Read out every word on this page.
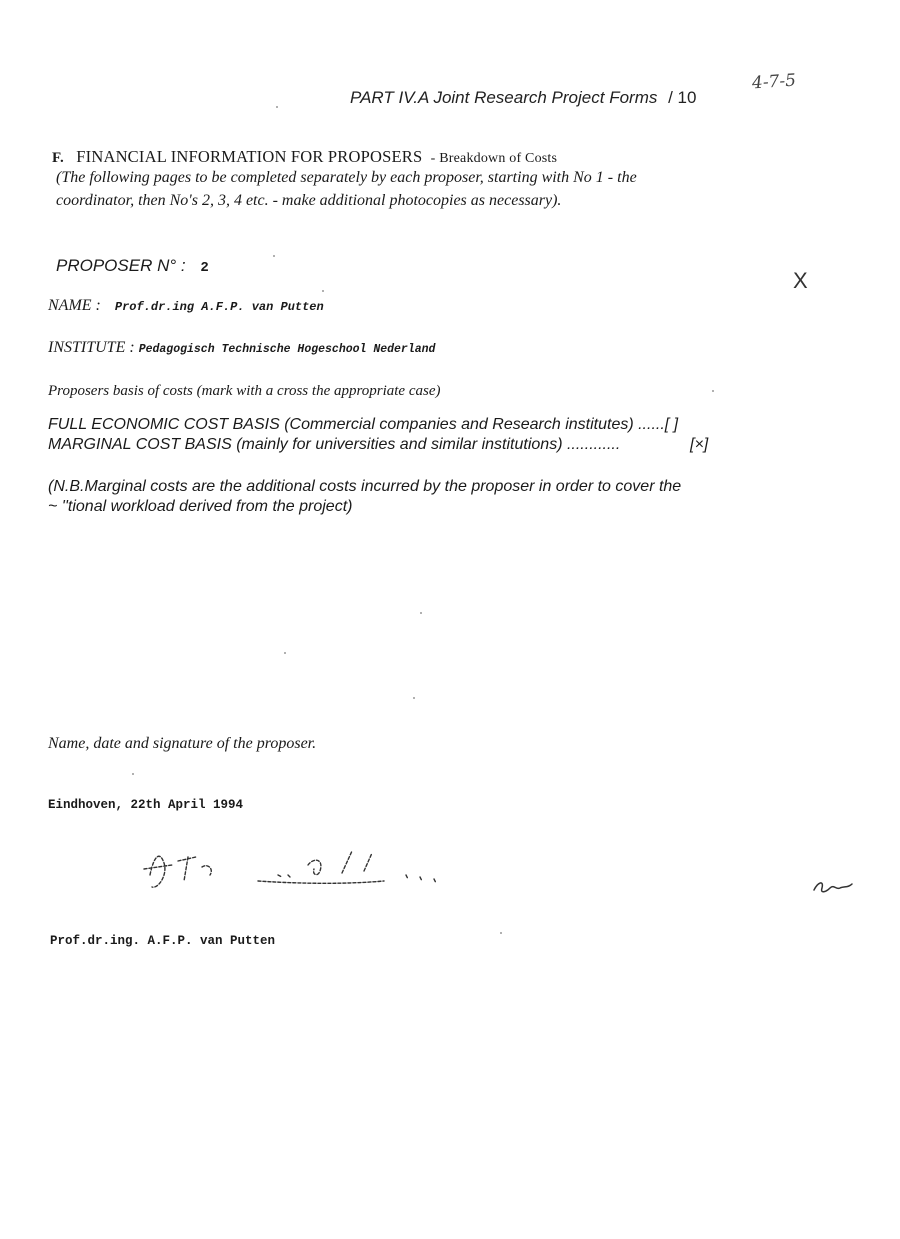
PART IV.A Joint Research Project Forms / 10
4-7-5
F. FINANCIAL INFORMATION FOR PROPOSERS - Breakdown of Costs
(The following pages to be completed separately by each proposer, starting with No 1 - the
coordinator, then No's 2, 3, 4 etc. - make additional photocopies as necessary).
PROPOSER N° : 2	X
NAME : Prof.dr.ing A.F.P. van Putten
INSTITUTE : Pedagogisch Technische Hogeschool Nederland
Proposers basis of costs (mark with a cross the appropriate case)
FULL ECONOMIC COST BASIS (Commercial companies and Research institutes) ......[ ]
MARGINAL COST BASIS (mainly for universities and similar institutions) ............	[×]
(N.B.Marginal costs are the additional costs incurred by the proposer in order to cover the
~ ''tional workload derived from the project)
Name, date and signature of the proposer.
Eindhoven, 22th April 1994
Prof.dr.ing. A.F.P. van Putten
